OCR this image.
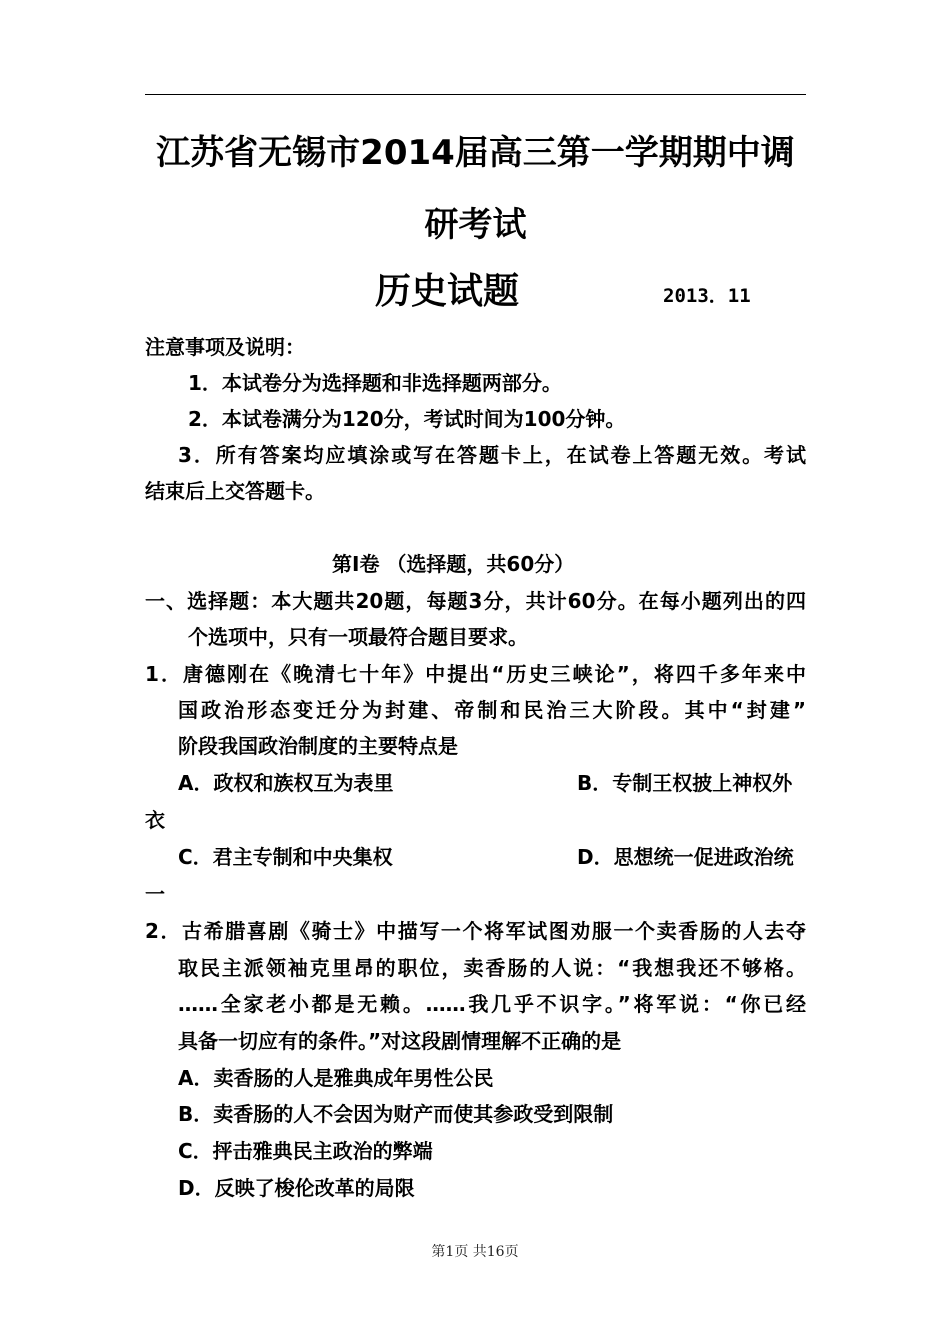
江苏省无锡市2014届高三第一学期期中调
研考试
历史试题	2013．11
注意事项及说明：
1．本试卷分为选择题和非选择题两部分。
2．本试卷满分为120分，考试时间为100分钟。
3．所有答案均应填涂或写在答题卡上，在试卷上答题无效。考试
结束后上交答题卡。
第Ⅰ卷 （选择题，共60分）
一、选择题：本大题共20题，每题3分，共计60分。在每小题列出的四
个选项中，只有一项最符合题目要求。
1．唐德刚在《晚清七十年》中提出“历史三峡论”，将四千多年来中
国政治形态变迁分为封建、帝制和民治三大阶段。其中“封建”
阶段我国政治制度的主要特点是
A．政权和族权互为表里	B．专制王权披上神权外
衣
C．君主专制和中央集权	D．思想统一促进政治统
一
2．古希腊喜剧《骑士》中描写一个将军试图劝服一个卖香肠的人去夺
取民主派领袖克里昂的职位，卖香肠的人说：“我想我还不够格。
……全家老小都是无赖。……我几乎不识字。”将军说：“你已经
具备一切应有的条件。”对这段剧情理解不正确的是
A．卖香肠的人是雅典成年男性公民
B．卖香肠的人不会因为财产而使其参政受到限制
C．抨击雅典民主政治的弊端
D．反映了梭伦改革的局限
第1页 共16页
